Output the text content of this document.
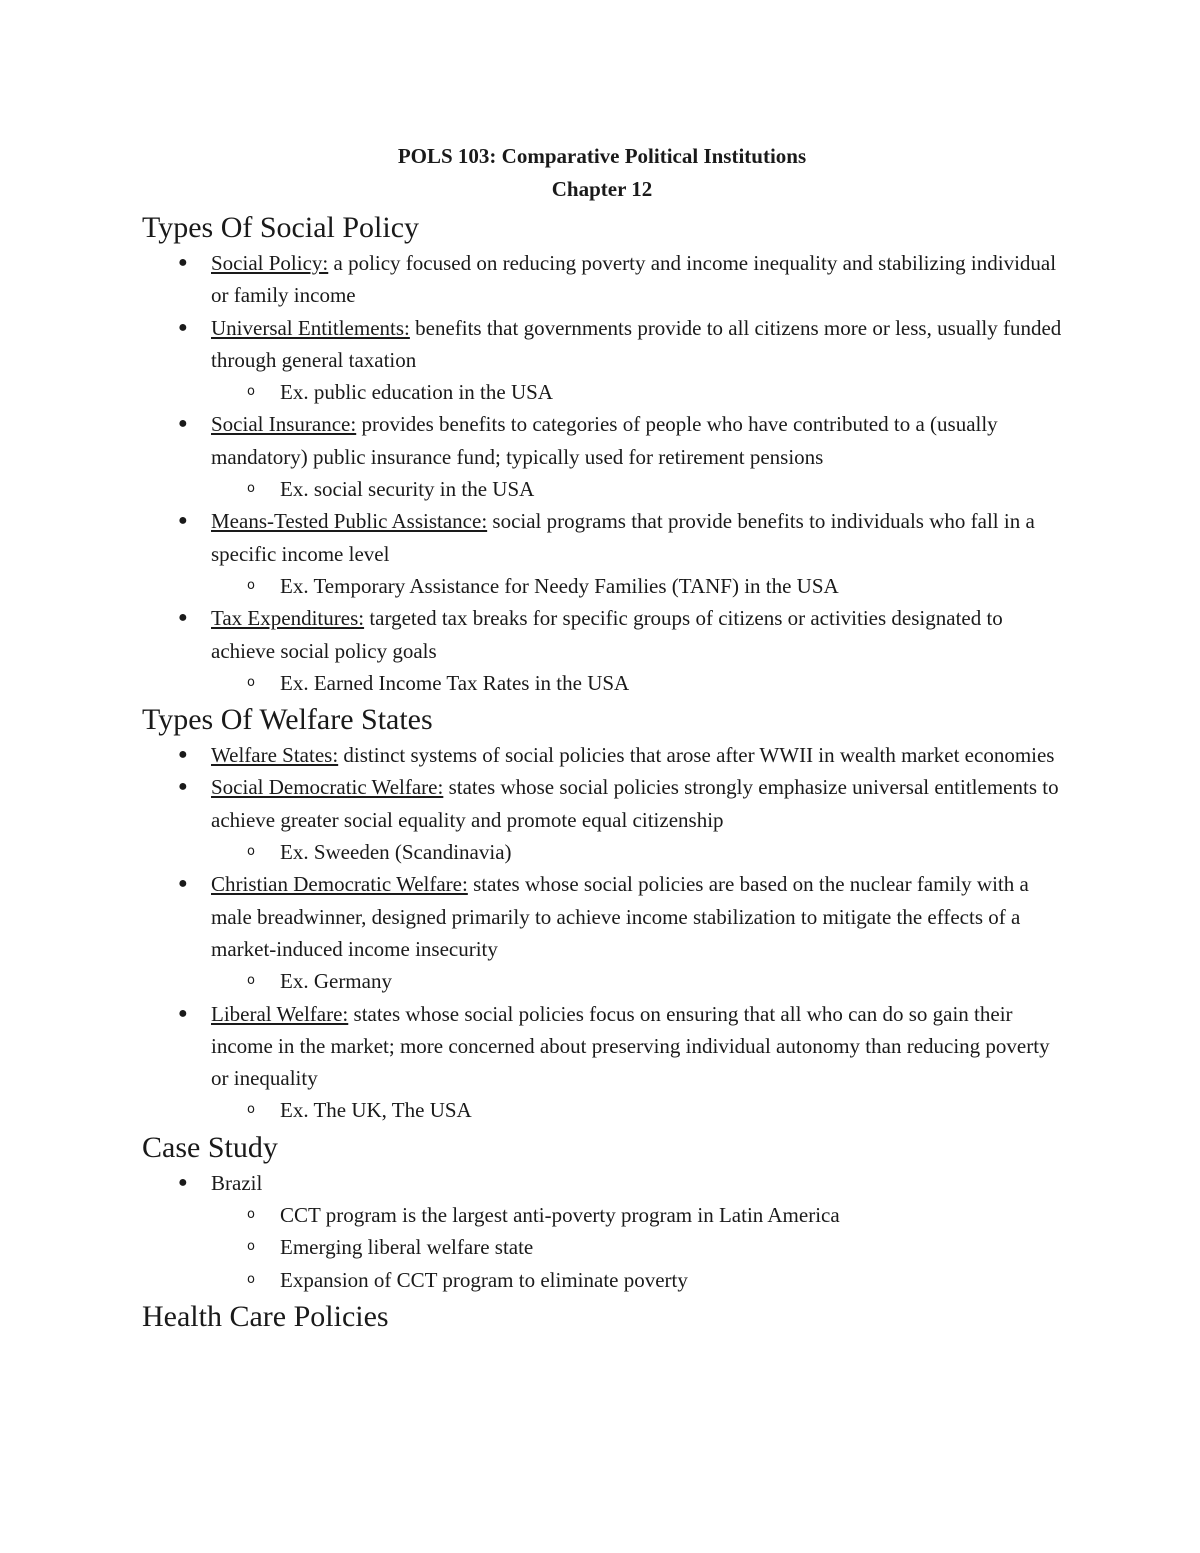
POLS 103: Comparative Political Institutions

Chapter 12

Types Of Social Policy
● Social Policy: a policy focused on reducing poverty and income inequality and stabilizing individual or family income
● Universal Entitlements: benefits that governments provide to all citizens more or less, usually funded through general taxation
o Ex. public education in the USA
● Social Insurance: provides benefits to categories of people who have contributed to a (usually mandatory) public insurance fund; typically used for retirement pensions
o Ex. social security in the USA
● Means-Tested Public Assistance: social programs that provide benefits to individuals who fall in a specific income level
o Ex. Temporary Assistance for Needy Families (TANF) in the USA
● Tax Expenditures: targeted tax breaks for specific groups of citizens or activities designated to achieve social policy goals
o Ex. Earned Income Tax Rates in the USA
Types Of Welfare States
● Welfare States: distinct systems of social policies that arose after WWII in wealth market economies
● Social Democratic Welfare: states whose social policies strongly emphasize universal entitlements to achieve greater social equality and promote equal citizenship
o Ex. Sweeden (Scandinavia)
● Christian Democratic Welfare: states whose social policies are based on the nuclear family with a male breadwinner, designed primarily to achieve income stabilization to mitigate the effects of a market-induced income insecurity
o Ex. Germany
● Liberal Welfare: states whose social policies focus on ensuring that all who can do so gain their income in the market; more concerned about preserving individual autonomy than reducing poverty or inequality
o Ex. The UK, The USA
Case Study
● Brazil
o CCT program is the largest anti-poverty program in Latin America
o Emerging liberal welfare state
o Expansion of CCT program to eliminate poverty
Health Care Policies
